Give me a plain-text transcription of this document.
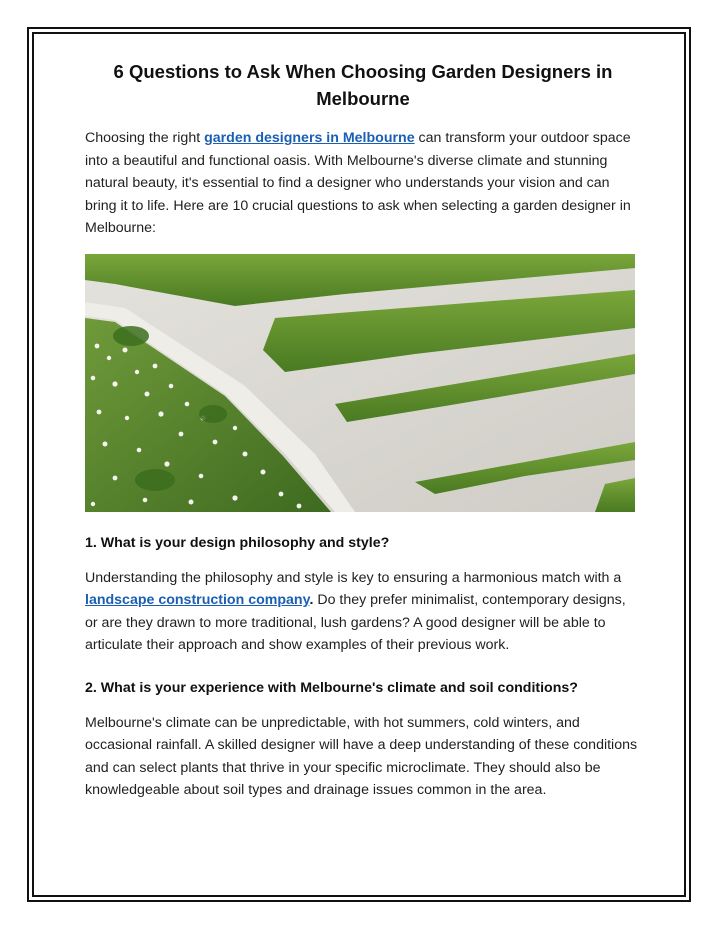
6 Questions to Ask When Choosing Garden Designers in Melbourne

Choosing the right garden designers in Melbourne can transform your outdoor space into a beautiful and functional oasis. With Melbourne's diverse climate and stunning natural beauty, it's essential to find a designer who understands your vision and can bring it to life. Here are 10 crucial questions to ask when selecting a garden designer in Melbourne:

1. What is your design philosophy and style?

Understanding the philosophy and style is key to ensuring a harmonious match with a landscape construction company. Do they prefer minimalist, contemporary designs, or are they drawn to more traditional, lush gardens? A good designer will be able to articulate their approach and show examples of their previous work.

2. What is your experience with Melbourne's climate and soil conditions?

Melbourne's climate can be unpredictable, with hot summers, cold winters, and occasional rainfall. A skilled designer will have a deep understanding of these conditions and can select plants that thrive in your specific microclimate. They should also be knowledgeable about soil types and drainage issues common in the area.
